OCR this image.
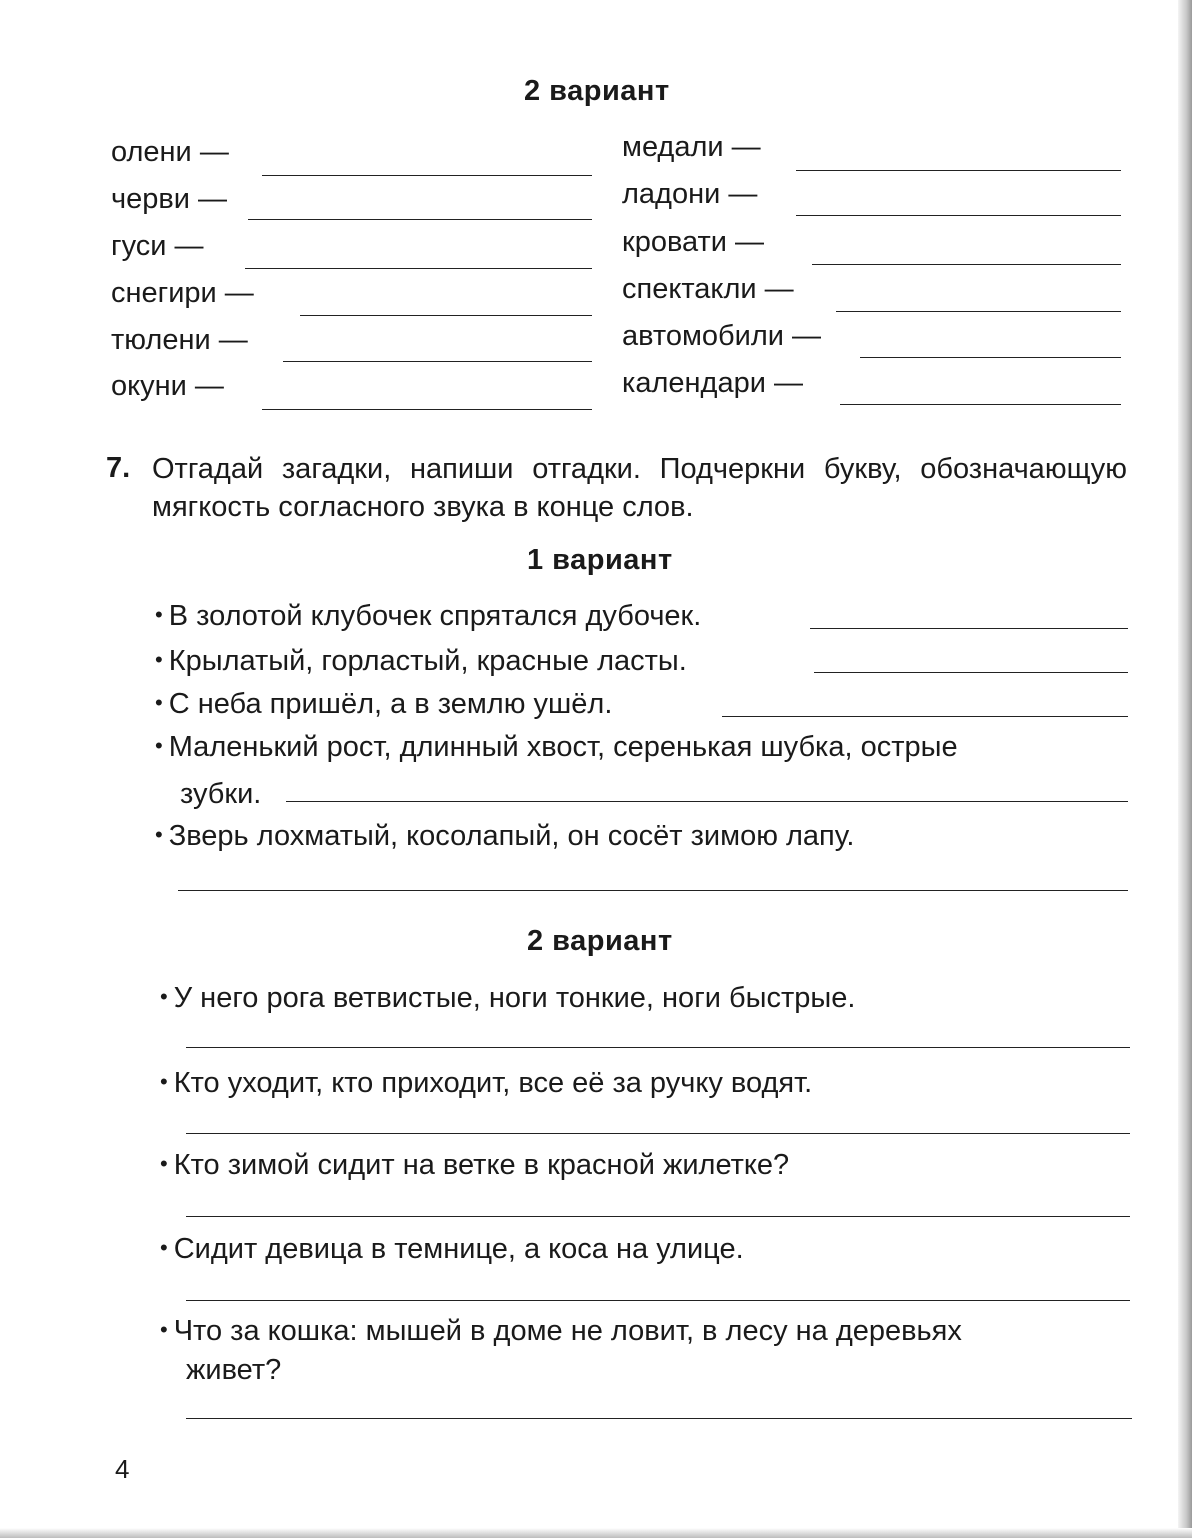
2 вариант
олени —
черви —
гуси —
снегири —
тюлени —
окуни —
медали —
ладони —
кровати —
спектакли —
автомобили —
календари —
7. Отгадай загадки, напиши отгадки. Подчеркни букву, обозначающую мягкость согласного звука в конце слов.
1 вариант
• В золотой клубочек спрятался дубочек.
• Крылатый, горластый, красные ласты.
• С неба пришёл, а в землю ушёл.
• Маленький рост, длинный хвост, серенькая шубка, острые
зубки.
• Зверь лохматый, косолапый, он сосёт зимою лапу.
2 вариант
• У него рога ветвистые, ноги тонкие, ноги быстрые.
• Кто уходит, кто приходит, все её за ручку водят.
• Кто зимой сидит на ветке в красной жилетке?
• Сидит девица в темнице, а коса на улице.
• Что за кошка: мышей в доме не ловит, в лесу на деревьях
живет?
4
